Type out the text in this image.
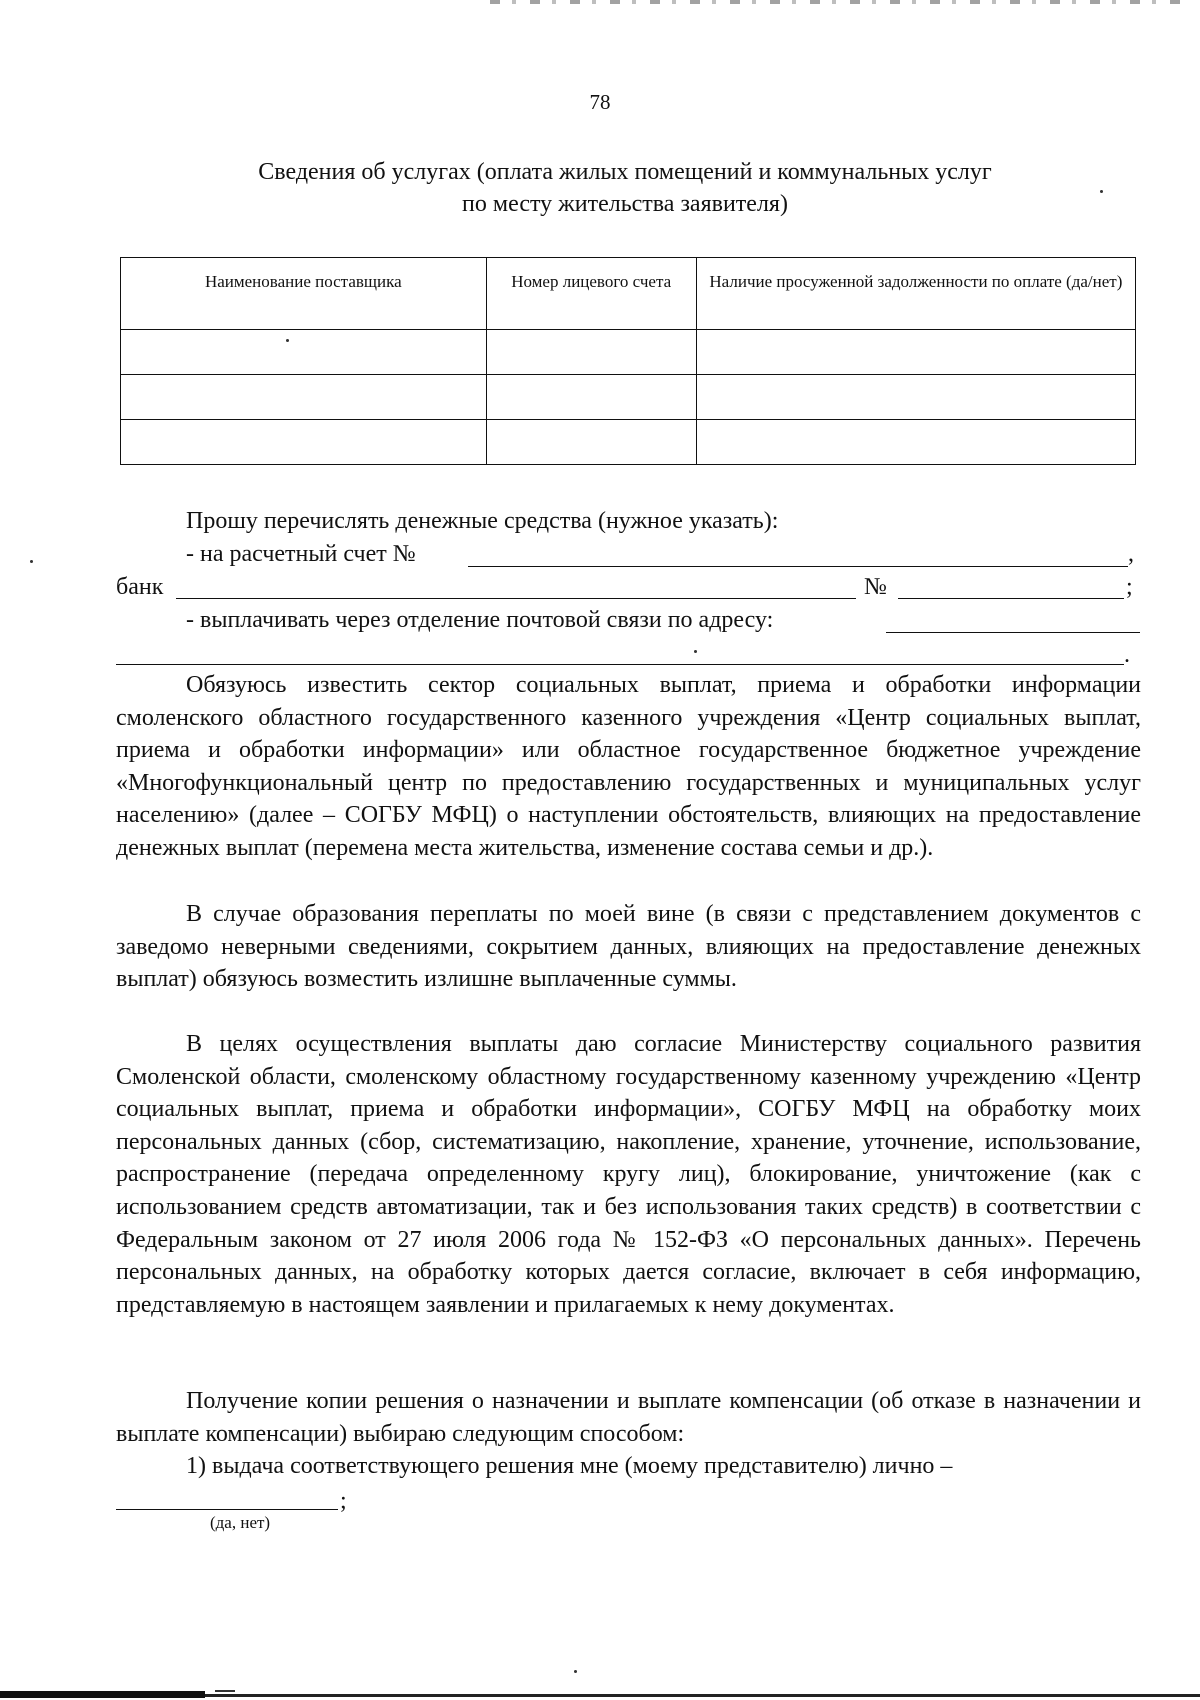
78
Сведения об услугах (оплата жилых помещений и коммунальных услуг
по месту жительства заявителя)
Наименование поставщика	Номер лицевого счета	Наличие просуженной задолженности по оплате (да/нет)

Прошу перечислять денежные средства (нужное указать):
- на расчетный счет №	,
банк	№	;
- выплачивать через отделение почтовой связи по адресу:
.
Обязуюсь известить сектор социальных выплат, приема и обработки информации смоленского областного государственного казенного учреждения «Центр социальных выплат, приема и обработки информации» или областное государственное бюджетное учреждение «Многофункциональный центр по предоставлению государственных и муниципальных услуг населению» (далее – СОГБУ МФЦ) о наступлении обстоятельств, влияющих на предоставление денежных выплат (перемена места жительства, изменение состава семьи и др.).
В случае образования переплаты по моей вине (в связи с представлением документов с заведомо неверными сведениями, сокрытием данных, влияющих на предоставление денежных выплат) обязуюсь возместить излишне выплаченные суммы.
В целях осуществления выплаты даю согласие Министерству социального развития Смоленской области, смоленскому областному государственному казенному учреждению «Центр социальных выплат, приема и обработки информации», СОГБУ МФЦ на обработку моих персональных данных (сбор, систематизацию, накопление, хранение, уточнение, использование, распространение (передача определенному кругу лиц), блокирование, уничтожение (как с использованием средств автоматизации, так и без использования таких средств) в соответствии с Федеральным законом от 27 июля 2006 года № 152-ФЗ «О персональных данных». Перечень персональных данных, на обработку которых дается согласие, включает в себя информацию, представляемую в настоящем заявлении и прилагаемых к нему документах.
Получение копии решения о назначении и выплате компенсации (об отказе в назначении и выплате компенсации) выбираю следующим способом:
1) выдача соответствующего решения мне (моему представителю) лично –
;
(да, нет)
